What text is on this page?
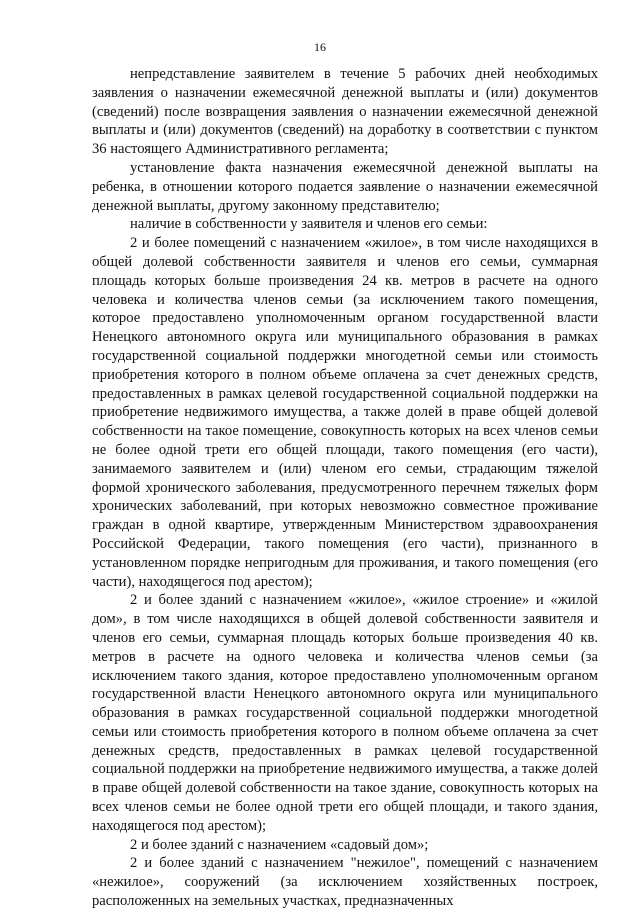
16

непредставление заявителем в течение 5 рабочих дней необходимых заявления о назначении ежемесячной денежной выплаты и (или) документов (сведений) после возвращения заявления о назначении ежемесячной денежной выплаты и (или) документов (сведений) на доработку в соответствии с пунктом 36 настоящего Административного регламента;

установление факта назначения ежемесячной денежной выплаты на ребенка, в отношении которого подается заявление о назначении ежемесячной денежной выплаты, другому законному представителю;

наличие в собственности у заявителя и членов его семьи:

2 и более помещений с назначением «жилое», в том числе находящихся в общей долевой собственности заявителя и членов его семьи, суммарная площадь которых больше произведения 24 кв. метров в расчете на одного человека и количества членов семьи (за исключением такого помещения, которое предоставлено уполномоченным органом государственной власти Ненецкого автономного округа или муниципального образования в рамках государственной социальной поддержки многодетной семьи или стоимость приобретения которого в полном объеме оплачена за счет денежных средств, предоставленных в рамках целевой государственной социальной поддержки на приобретение недвижимого имущества, а также долей в праве общей долевой собственности на такое помещение, совокупность которых на всех членов семьи не более одной трети его общей площади, такого помещения (его части), занимаемого заявителем и (или) членом его семьи, страдающим тяжелой формой хронического заболевания, предусмотренного перечнем тяжелых форм хронических заболеваний, при которых невозможно совместное проживание граждан в одной квартире, утвержденным Министерством здравоохранения Российской Федерации, такого помещения (его части), признанного в установленном порядке непригодным для проживания, и такого помещения (его части), находящегося под арестом);

2 и более зданий с назначением «жилое», «жилое строение» и «жилой дом», в том числе находящихся в общей долевой собственности заявителя и членов его семьи, суммарная площадь которых больше произведения 40 кв. метров в расчете на одного человека и количества членов семьи (за исключением такого здания, которое предоставлено уполномоченным органом государственной власти Ненецкого автономного округа или муниципального образования в рамках государственной социальной поддержки многодетной семьи или стоимость приобретения которого в полном объеме оплачена за счет денежных средств, предоставленных в рамках целевой государственной социальной поддержки на приобретение недвижимого имущества, а также долей в праве общей долевой собственности на такое здание, совокупность которых на всех членов семьи не более одной трети его общей площади, и такого здания, находящегося под арестом);

2 и более зданий с назначением «садовый дом»;

2 и более зданий с назначением "нежилое", помещений с назначением «нежилое», сооружений (за исключением хозяйственных построек, расположенных на земельных участках, предназначенных
